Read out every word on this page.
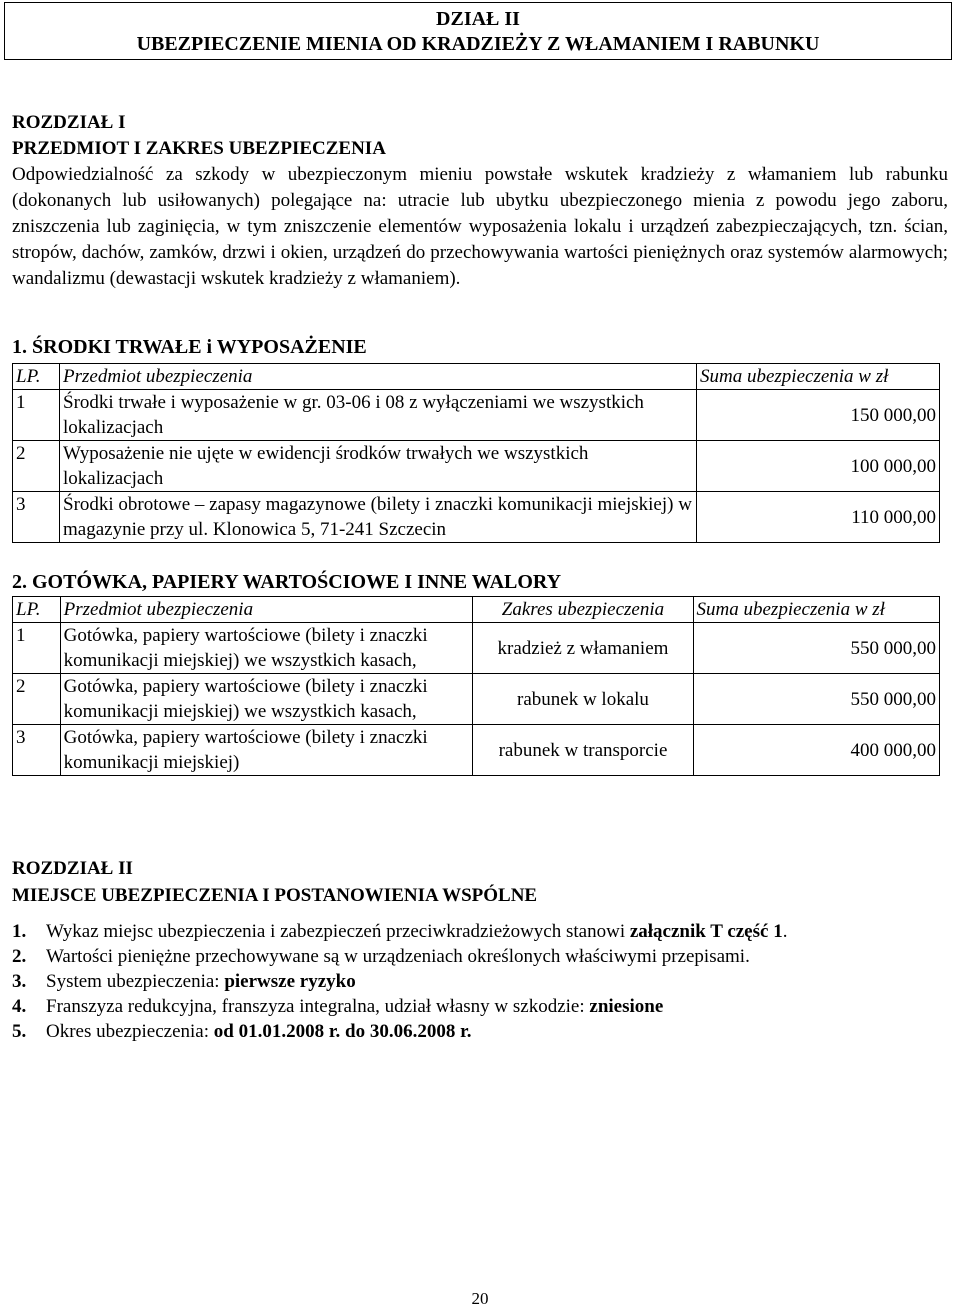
DZIAŁ II
UBEZPIECZENIE MIENIA OD KRADZIEŻY Z WŁAMANIEM I RABUNKU
ROZDZIAŁ I
PRZEDMIOT I ZAKRES UBEZPIECZENIA
Odpowiedzialność za szkody w ubezpieczonym mieniu powstałe wskutek kradzieży z włamaniem lub rabunku (dokonanych lub usiłowanych) polegające na: utracie lub ubytku ubezpieczonego mienia z powodu jego zaboru, zniszczenia lub zaginięcia, w tym zniszczenie elementów wyposażenia lokalu i urządzeń zabezpieczających, tzn. ścian, stropów, dachów, zamków, drzwi i okien, urządzeń do przechowywania wartości pieniężnych oraz systemów alarmowych; wandalizmu (dewastacji wskutek kradzieży z włamaniem).
1. ŚRODKI TRWAŁE i WYPOSAŻENIE
LP.	Przedmiot ubezpieczenia	Suma ubezpieczenia w zł
1	Środki trwałe i wyposażenie w gr. 03-06 i 08 z wyłączeniami we wszystkich lokalizacjach	150 000,00
2	Wyposażenie nie ujęte w ewidencji środków trwałych we wszystkich lokalizacjach	100 000,00
3	Środki obrotowe – zapasy magazynowe (bilety i znaczki komunikacji miejskiej) w magazynie przy ul. Klonowica 5, 71-241 Szczecin	110 000,00
2. GOTÓWKA, PAPIERY WARTOŚCIOWE I INNE WALORY
LP.	Przedmiot ubezpieczenia	Zakres ubezpieczenia	Suma ubezpieczenia w zł
1	Gotówka, papiery wartościowe (bilety i znaczki komunikacji miejskiej) we wszystkich kasach,	kradzież z włamaniem	550 000,00
2	Gotówka, papiery wartościowe (bilety i znaczki komunikacji miejskiej) we wszystkich kasach,	rabunek w lokalu	550 000,00
3	Gotówka, papiery wartościowe (bilety i znaczki komunikacji miejskiej)	rabunek w transporcie	400 000,00
ROZDZIAŁ II
MIEJSCE UBEZPIECZENIA I POSTANOWIENIA WSPÓLNE
1. Wykaz miejsc ubezpieczenia i zabezpieczeń przeciwkradzieżowych stanowi załącznik T część 1.
2. Wartości pieniężne przechowywane są w urządzeniach określonych właściwymi przepisami.
3. System ubezpieczenia: pierwsze ryzyko
4. Franszyza redukcyjna, franszyza integralna, udział własny w szkodzie: zniesione
5. Okres ubezpieczenia: od 01.01.2008 r. do 30.06.2008 r.
20
